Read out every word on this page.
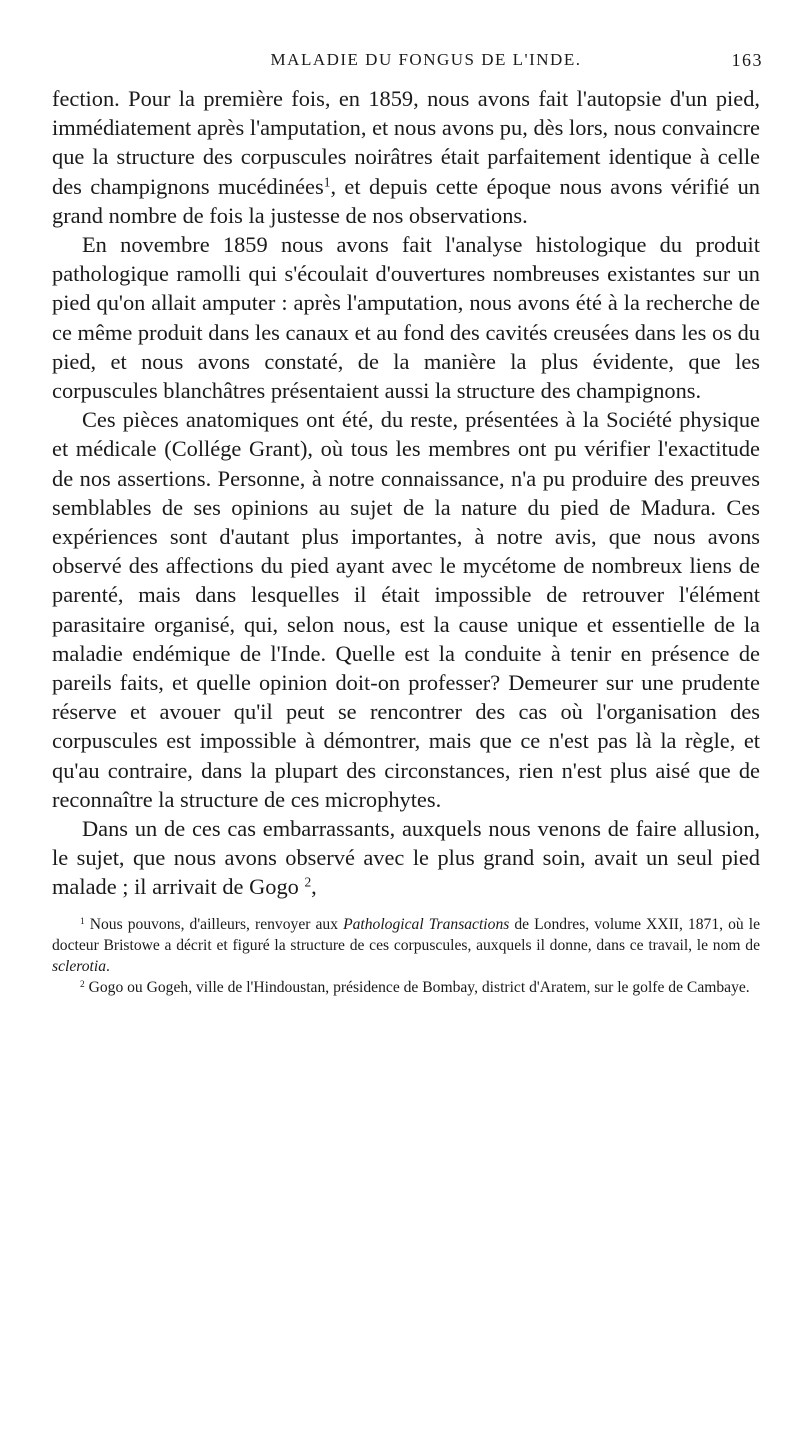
MALADIE DU FONGUS DE L'INDE.	163

fection. Pour la première fois, en 1859, nous avons fait l'autopsie d'un pied, immédiatement après l'amputation, et nous avons pu, dès lors, nous convaincre que la structure des corpuscules noirâtres était parfaitement identique à celle des champignons mucédinées$^1$, et depuis cette époque nous avons vérifié un grand nombre de fois la justesse de nos observations.

En novembre 1859 nous avons fait l'analyse histologique du produit pathologique ramolli qui s'écoulait d'ouvertures nombreuses existantes sur un pied qu'on allait amputer : après l'amputation, nous avons été à la recherche de ce même produit dans les canaux et au fond des cavités creusées dans les os du pied, et nous avons constaté, de la manière la plus évidente, que les corpuscules blanchâtres présentaient aussi la structure des champignons.

Ces pièces anatomiques ont été, du reste, présentées à la Société physique et médicale (Collége Grant), où tous les membres ont pu vérifier l'exactitude de nos assertions. Personne, à notre connaissance, n'a pu produire des preuves semblables de ses opinions au sujet de la nature du pied de Madura. Ces expériences sont d'autant plus importantes, à notre avis, que nous avons observé des affections du pied ayant avec le mycétome de nombreux liens de parenté, mais dans lesquelles il était impossible de retrouver l'élément parasitaire organisé, qui, selon nous, est la cause unique et essentielle de la maladie endémique de l'Inde. Quelle est la conduite à tenir en présence de pareils faits, et quelle opinion doit-on professer? Demeurer sur une prudente réserve et avouer qu'il peut se rencontrer des cas où l'organisation des corpuscules est impossible à démontrer, mais que ce n'est pas là la règle, et qu'au contraire, dans la plupart des circonstances, rien n'est plus aisé que de reconnaître la structure de ces microphytes.

Dans un de ces cas embarrassants, auxquels nous venons de faire allusion, le sujet, que nous avons observé avec le plus grand soin, avait un seul pied malade ; il arrivait de Gogo $^2$,

$^1$ Nous pouvons, d'ailleurs, renvoyer aux Pathological Transactions de Londres, volume XXII, 1871, où le docteur Bristowe a décrit et figuré la structure de ces corpuscules, auxquels il donne, dans ce travail, le nom de sclerotia.

$^2$ Gogo ou Gogeh, ville de l'Hindoustan, présidence de Bombay, district d'Aratem, sur le golfe de Cambaye.
